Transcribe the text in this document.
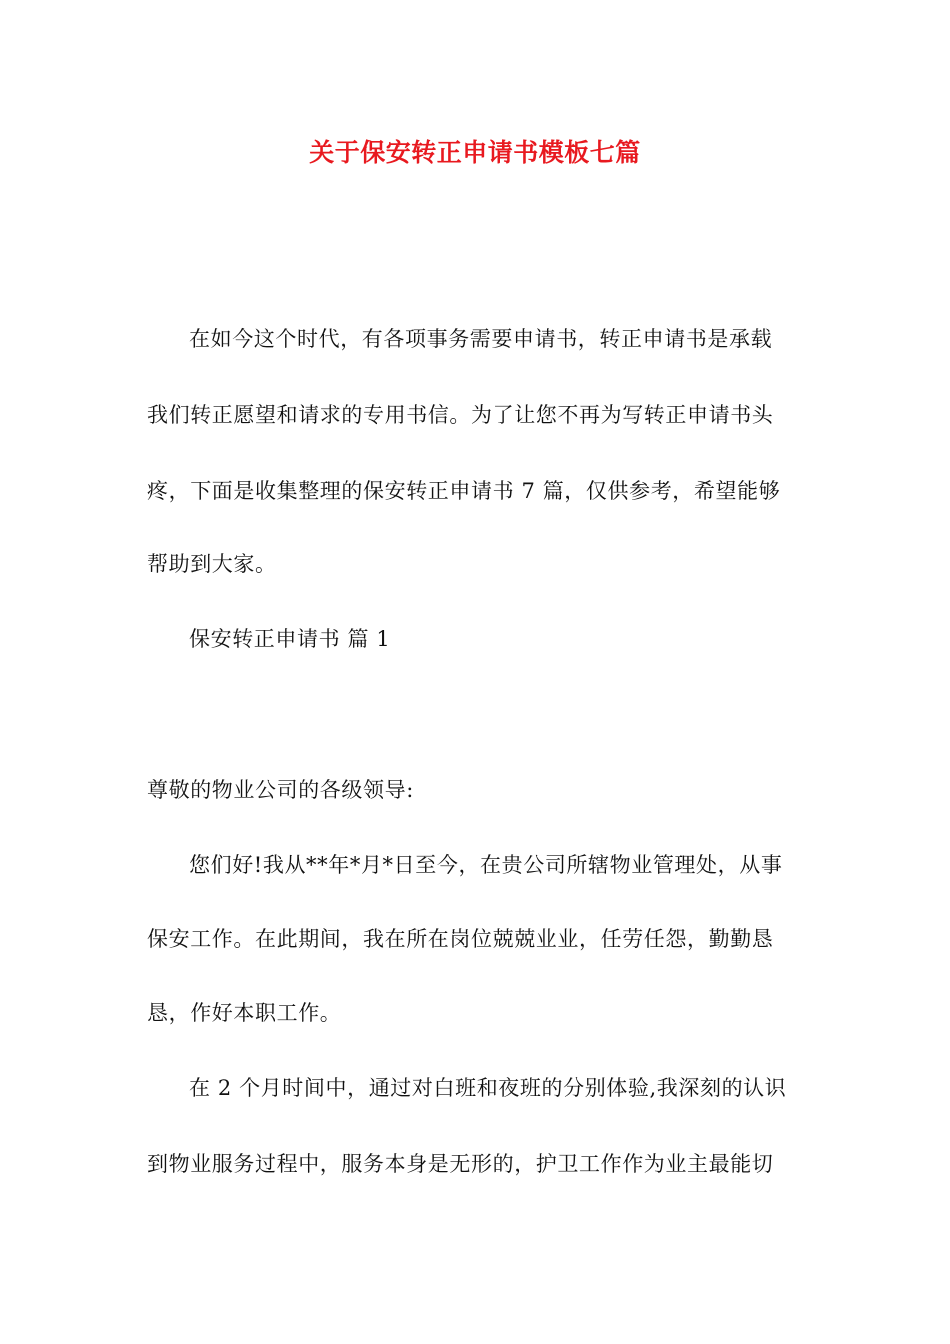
关于保安转正申请书模板七篇
在如今这个时代，有各项事务需要申请书，转正申请书是承载
我们转正愿望和请求的专用书信。为了让您不再为写转正申请书头
疼，下面是收集整理的保安转正申请书 7 篇，仅供参考，希望能够
帮助到大家。
保安转正申请书 篇 1
尊敬的物业公司的各级领导:
您们好!我从**年*月*日至今，在贵公司所辖物业管理处，从事
保安工作。在此期间，我在所在岗位兢兢业业，任劳任怨，勤勤恳
恳，作好本职工作。
在 2 个月时间中，通过对白班和夜班的分别体验,我深刻的认识
到物业服务过程中，服务本身是无形的，护卫工作作为业主最能切
